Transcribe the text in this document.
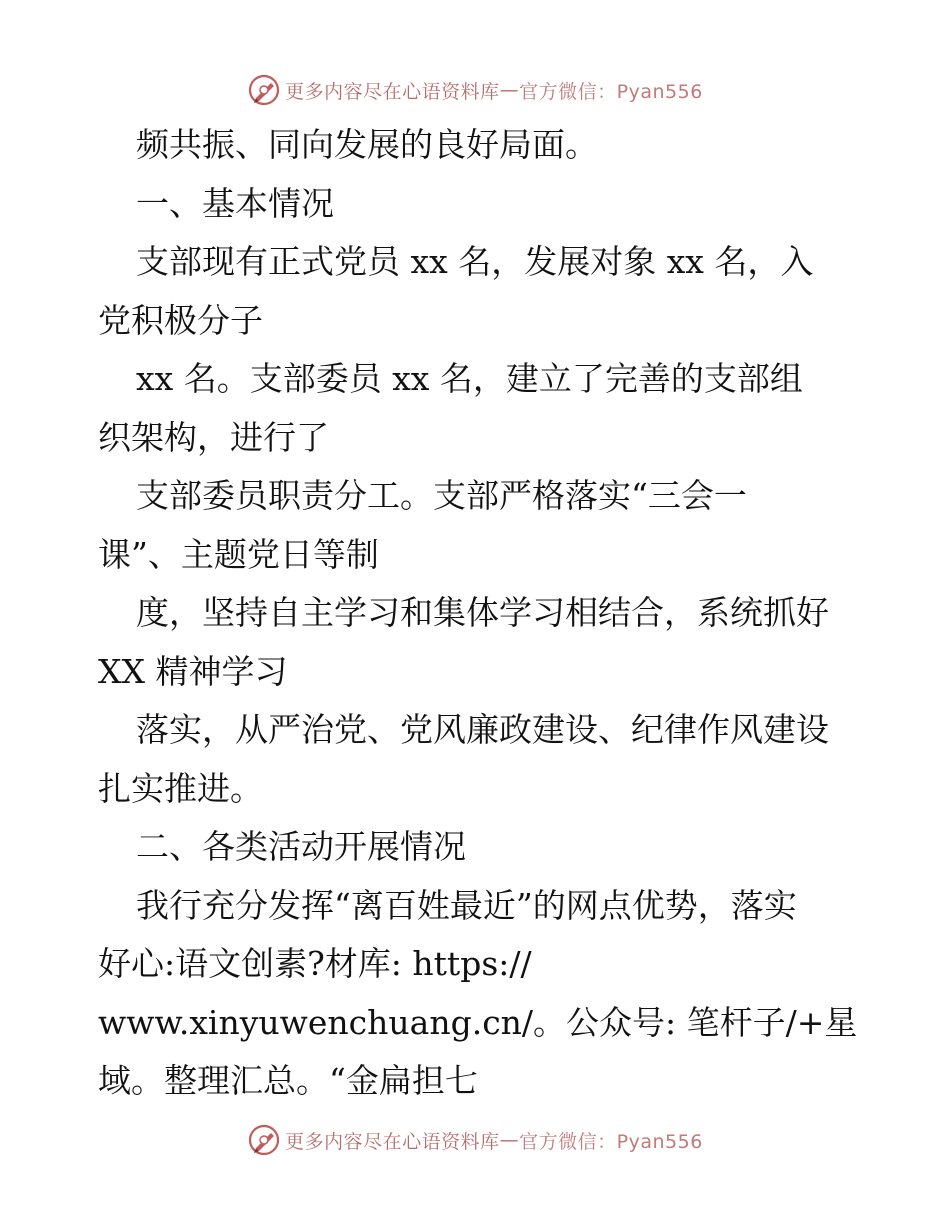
更多内容尽在心语资料库 — 官方微信：Pyan556
频共振、同向发展的良好局面。
一、基本情况
支部现有正式党员 xx 名，发展对象 xx 名，入
党积极分子
xx 名。支部委员 xx 名，建立了完善的支部组
织架构，进行了
支部委员职责分工。支部严格落实“三会一
课”、主题党日等制
度，坚持自主学习和集体学习相结合，系统抓好
XX 精神学习
落实，从严治党、党风廉政建设、纪律作风建设
扎实推进。
二、各类活动开展情况
我行充分发挥“离百姓最近”的网点优势，落实
好心:语文创素?材库: https://
www.xinyuwenchuang.cn/。公众号: 笔杆子/+星
域。整理汇总。“金扁担七
更多内容尽在心语资料库 — 官方微信：Pyan556
